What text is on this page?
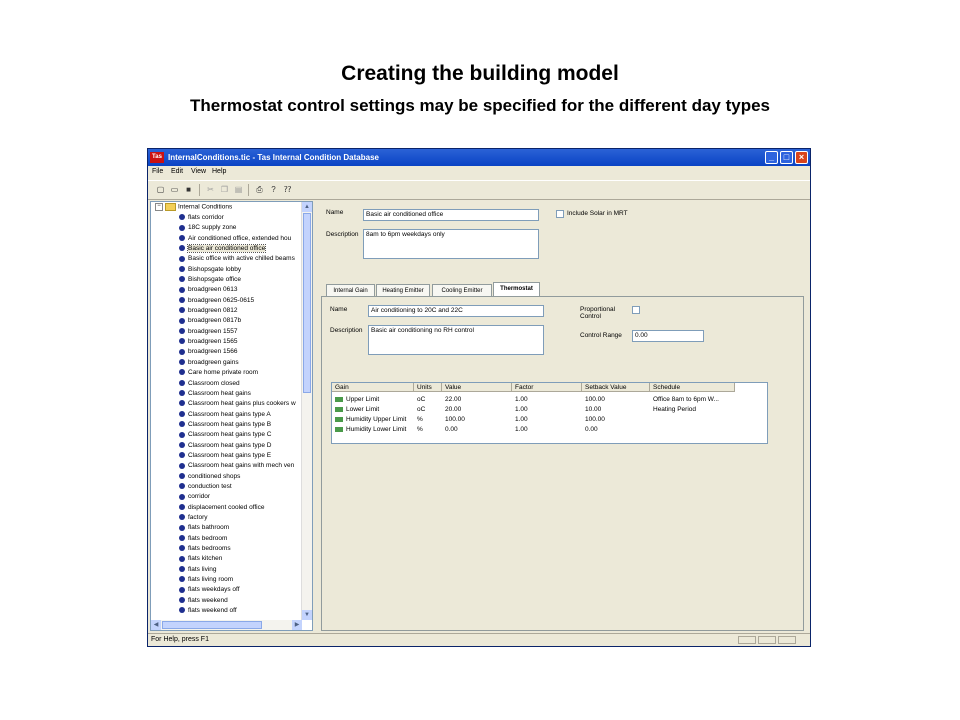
Creating the building model
Thermostat control settings may be specified for the different day types
Tas InternalConditions.tic - Tas Internal Condition Database	_	□	×
File Edit View Help
▢ ▭ ■	✂ ❐ ▤	⎙	?	⁇
−	Internal Conditions
flats corridor
18C supply zone
Air conditioned office, extended hou
Basic air conditioned office
Basic office with active chilled beams
Bishopsgate lobby
Bishopsgate office
broadgreen 0613
broadgreen 0625-0615
broadgreen 0812
broadgreen 0817b
broadgreen 1557
broadgreen 1565
broadgreen 1566
broadgreen gains
Care home private room
Classroom closed
Classroom heat gains
Classroom heat gains plus cookers w
Classroom heat gains type A
Classroom heat gains type B
Classroom heat gains type C
Classroom heat gains type D
Classroom heat gains type E
Classroom heat gains with mech ven
conditioned shops
conduction test
corridor
displacement cooled office
factory
flats bathroom
flats bedroom
flats bedrooms
flats kitchen
flats living
flats living room
flats weekdays off
flats weekend
flats weekend off
▲
▼
◀	▶
Name	Basic air conditioned office	Include Solar in MRT
Description	8am to 6pm weekdays only
Internal Gain	Heating Emitter	Cooling Emitter	Thermostat
Name	Air conditioning to 20C and 22C	Proportional
Control
Description	Basic air conditioning no RH control
Control Range	0.00
Gain	Units	Value	Factor	Setback Value	Schedule
Upper Limit	oC	22.00	1.00	100.00	Office 8am to 6pm W...
Lower Limit	oC	20.00	1.00	10.00	Heating Period
Humidity Upper Limit %	100.00	1.00	100.00
Humidity Lower Limit %	0.00	1.00	0.00
For Help, press F1
